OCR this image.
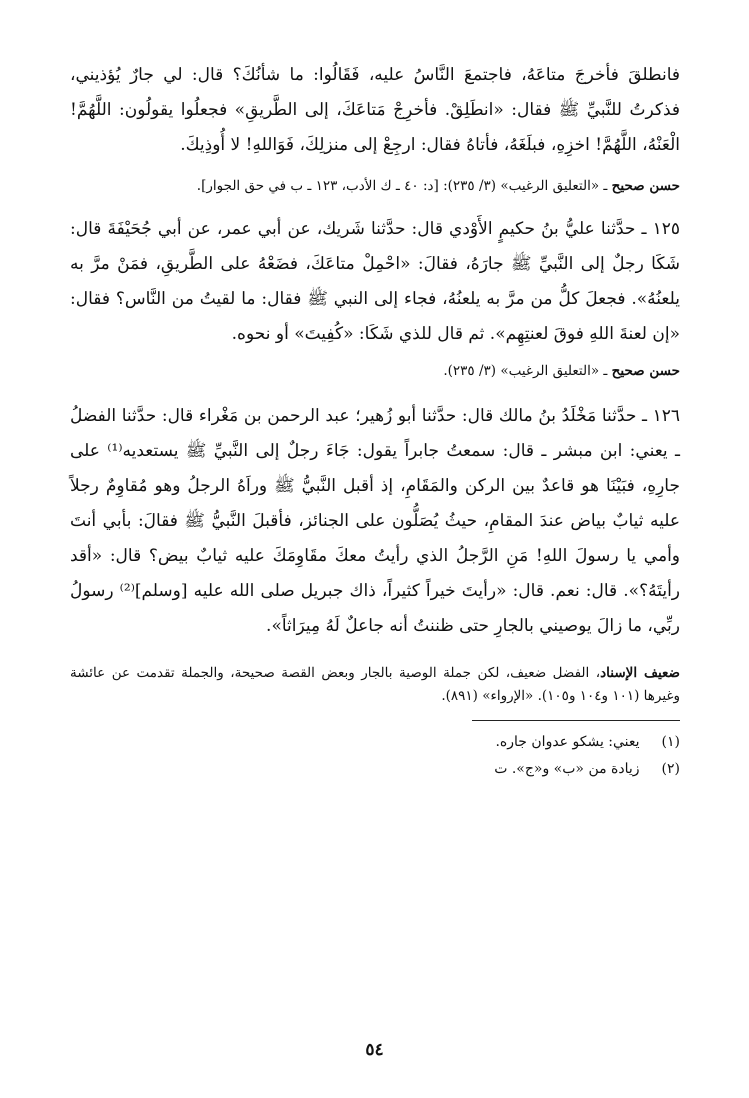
فانطلقَ فأخرجَ متاعَهُ، فاجتمعَ النَّاسُ عليه، فَقَالُوا: ما شأنُكَ؟ قال: لي جارٌ يُؤذيني، فذكرتُ للنَّبيِّ ﷺ فقال: «انطَلِقْ. فأخرِجْ مَتاعَكَ، إلى الطَّريقِ» فجعلُوا يقولُون: اللَّهُمَّ! الْعَنْهُ، اللَّهُمَّ! اخزِهِ، فبلَغَهُ، فأتاهُ فقال: ارجِعْ إلى منزلِكَ، فَوَاللهِ! لا أُوذِيكَ.

حسن صحيح ـ «التعليق الرغيب» (٣/ ٢٣٥): [د: ٤٠ ـ ك الأدب، ١٢٣ ـ ب في حق الجوار].

١٢٥ ـ حدَّثنا عليُّ بنُ حكيمٍ الأَوْدي قال: حدَّثنا شَريك، عن أبي عمر، عن أبي جُحَيْفَةَ قال: شَكَا رجلٌ إلى النَّبيِّ ﷺ جارَهُ، فقالَ: «احْمِلْ متاعَكَ، فضَعْهُ على الطَّريقِ، فمَنْ مرَّ به يلعنُهُ». فجعلَ كلُّ من مرَّ به يلعنُهُ، فجاء إلى النبي ﷺ فقال: ما لقيتُ من النَّاس؟ فقال: «إن لعنةَ اللهِ فوقَ لعنتِهِم». ثم قال للذي شَكَا: «كُفِيتَ» أو نحوه.

حسن صحيح ـ «التعليق الرغيب» (٣/ ٢٣٥).

١٢٦ ـ حدَّثنا مَخْلَدُ بنُ مالك قال: حدَّثنا أبو زُهير؛ عبد الرحمن بن مَغْراء قال: حدَّثنا الفضلُ ـ يعني: ابن مبشر ـ قال: سمعتُ جابراً يقول: جَاءَ رجلٌ إلى النَّبيِّ ﷺ يستعديه⁽¹⁾ على جارِهِ، فبَيْنَا هو قاعدٌ بين الركن والمَقَامِ، إذ أقبل النَّبيُّ ﷺ وراَهُ الرجلُ وهو مُقاوِمٌ رجلاً عليه ثيابٌ بياض عندَ المقامِ، حيثُ يُصَلُّون على الجنائز، فأقبلَ النَّبيُّ ﷺ فقالَ: بأبي أنتَ وأمي يا رسولَ اللهِ! مَنِ الرَّجلُ الذي رأيتُ معكَ مقَاوِمَكَ عليه ثيابٌ بيض؟ قال: «أقد رأيتَهُ؟». قال: نعم. قال: «رأيتَ خيراً كثيراً، ذاك جبريل صلى الله عليه [وسلم]⁽²⁾ رسولُ ربِّي، ما زالَ يوصيني بالجارِ حتى ظننتُ أنه جاعلٌ لَهُ مِيرَاثاً».

ضعيف الإسناد، الفضل ضعيف، لكن جملة الوصية بالجار وبعض القصة صحيحة، والجملة تقدمت عن عائشة وغيرها (١٠١ و١٠٤ و١٠٥). «الإرواء» (٨٩١).

(١) يعني: يشكو عدوان جاره.

(٢) زيادة من «ب» و«ج». ت

٥٤
